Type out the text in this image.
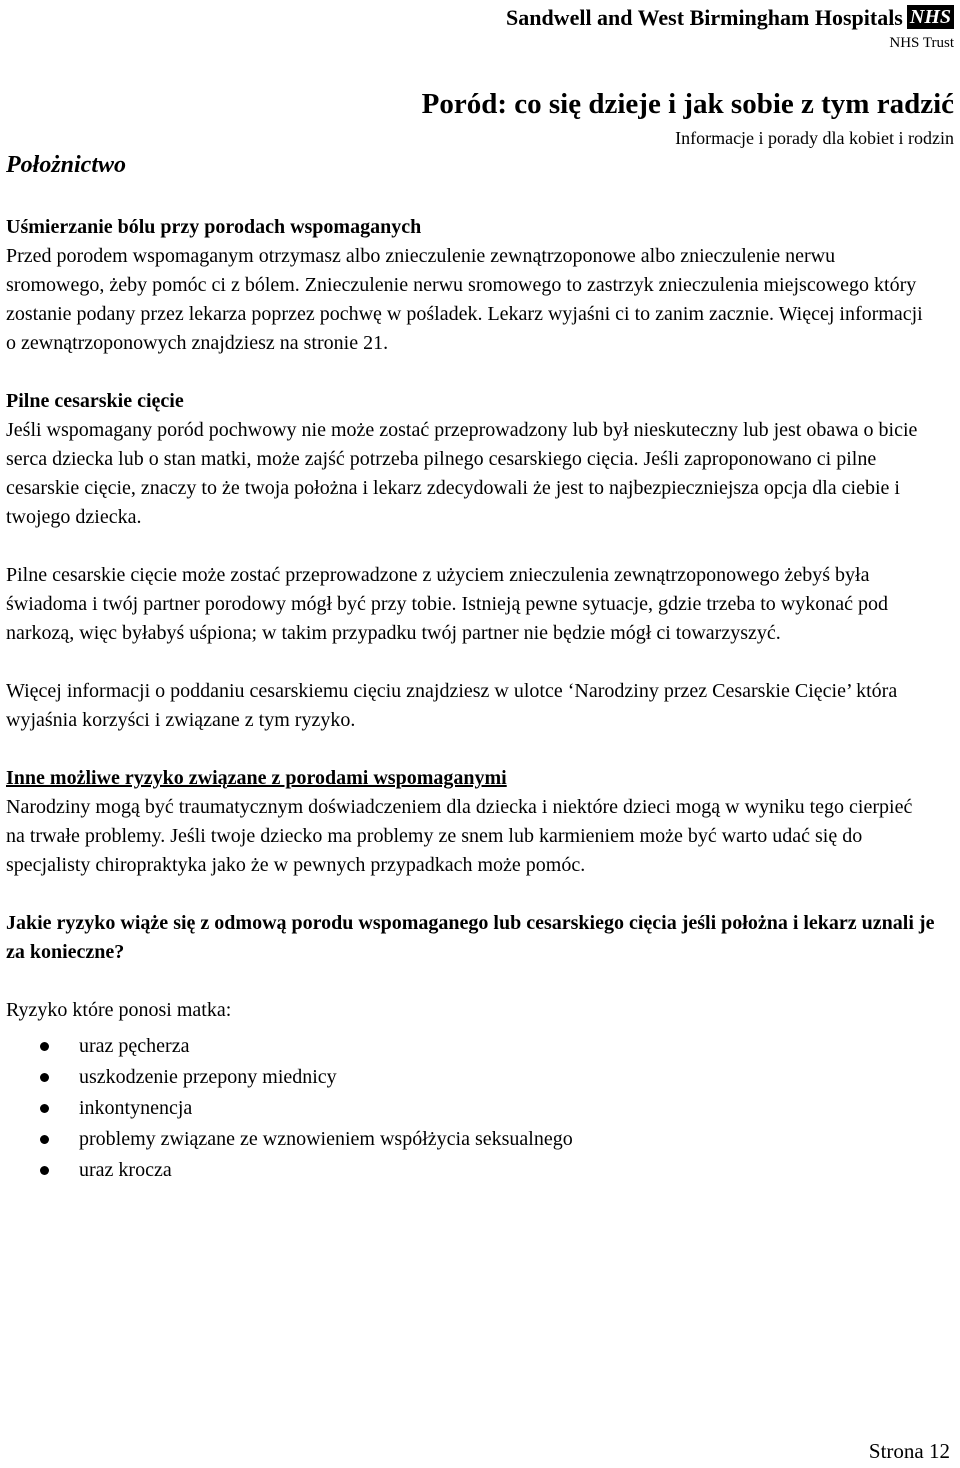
Sandwell and West Birmingham Hospitals NHS
NHS Trust
Poród: co się dzieje i jak sobie z tym radzić
Informacje i porady dla kobiet i rodzin
Położnictwo

Uśmierzanie bólu przy porodach wspomaganych

Przed porodem wspomaganym otrzymasz albo znieczulenie zewnątrzoponowe albo znieczulenie nerwu sromowego, żeby pomóc ci z bólem. Znieczulenie nerwu sromowego to zastrzyk znieczulenia miejscowego który zostanie podany przez lekarza poprzez pochwę w pośladek. Lekarz wyjaśni ci to zanim zacznie. Więcej informacji o zewnątrzoponowych znajdziesz na stronie 21.

Pilne cesarskie cięcie

Jeśli wspomagany poród pochwowy nie może zostać przeprowadzony lub był nieskuteczny lub jest obawa o bicie serca dziecka lub o stan matki, może zajść potrzeba pilnego cesarskiego cięcia. Jeśli zaproponowano ci pilne cesarskie cięcie, znaczy to że twoja położna i lekarz zdecydowali że jest to najbezpieczniejsza opcja dla ciebie i twojego dziecka.

Pilne cesarskie cięcie może zostać przeprowadzone z użyciem znieczulenia zewnątrzoponowego żebyś była świadoma i twój partner porodowy mógł być przy tobie. Istnieją pewne sytuacje, gdzie trzeba to wykonać pod narkozą, więc byłabyś uśpiona; w takim przypadku twój partner nie będzie mógł ci towarzyszyć.

Więcej informacji o poddaniu cesarskiemu cięciu znajdziesz w ulotce ‘Narodziny przez Cesarskie Cięcie’ która wyjaśnia korzyści i związane z tym ryzyko.

Inne możliwe ryzyko związane z porodami wspomaganymi

Narodziny mogą być traumatycznym doświadczeniem dla dziecka i niektóre dzieci mogą w wyniku tego cierpieć na trwałe problemy. Jeśli twoje dziecko ma problemy ze snem lub karmieniem może być warto udać się do specjalisty chiropraktyka jako że w pewnych przypadkach może pomóc.

Jakie ryzyko wiąże się z odmową porodu wspomaganego lub cesarskiego cięcia jeśli położna i lekarz uznali je za konieczne?

Ryzyko które ponosi matka:

uraz pęcherza
uszkodzenie przepony miednicy
inkontynencja
problemy związane ze wznowieniem współżycia seksualnego
uraz krocza
Strona 12
